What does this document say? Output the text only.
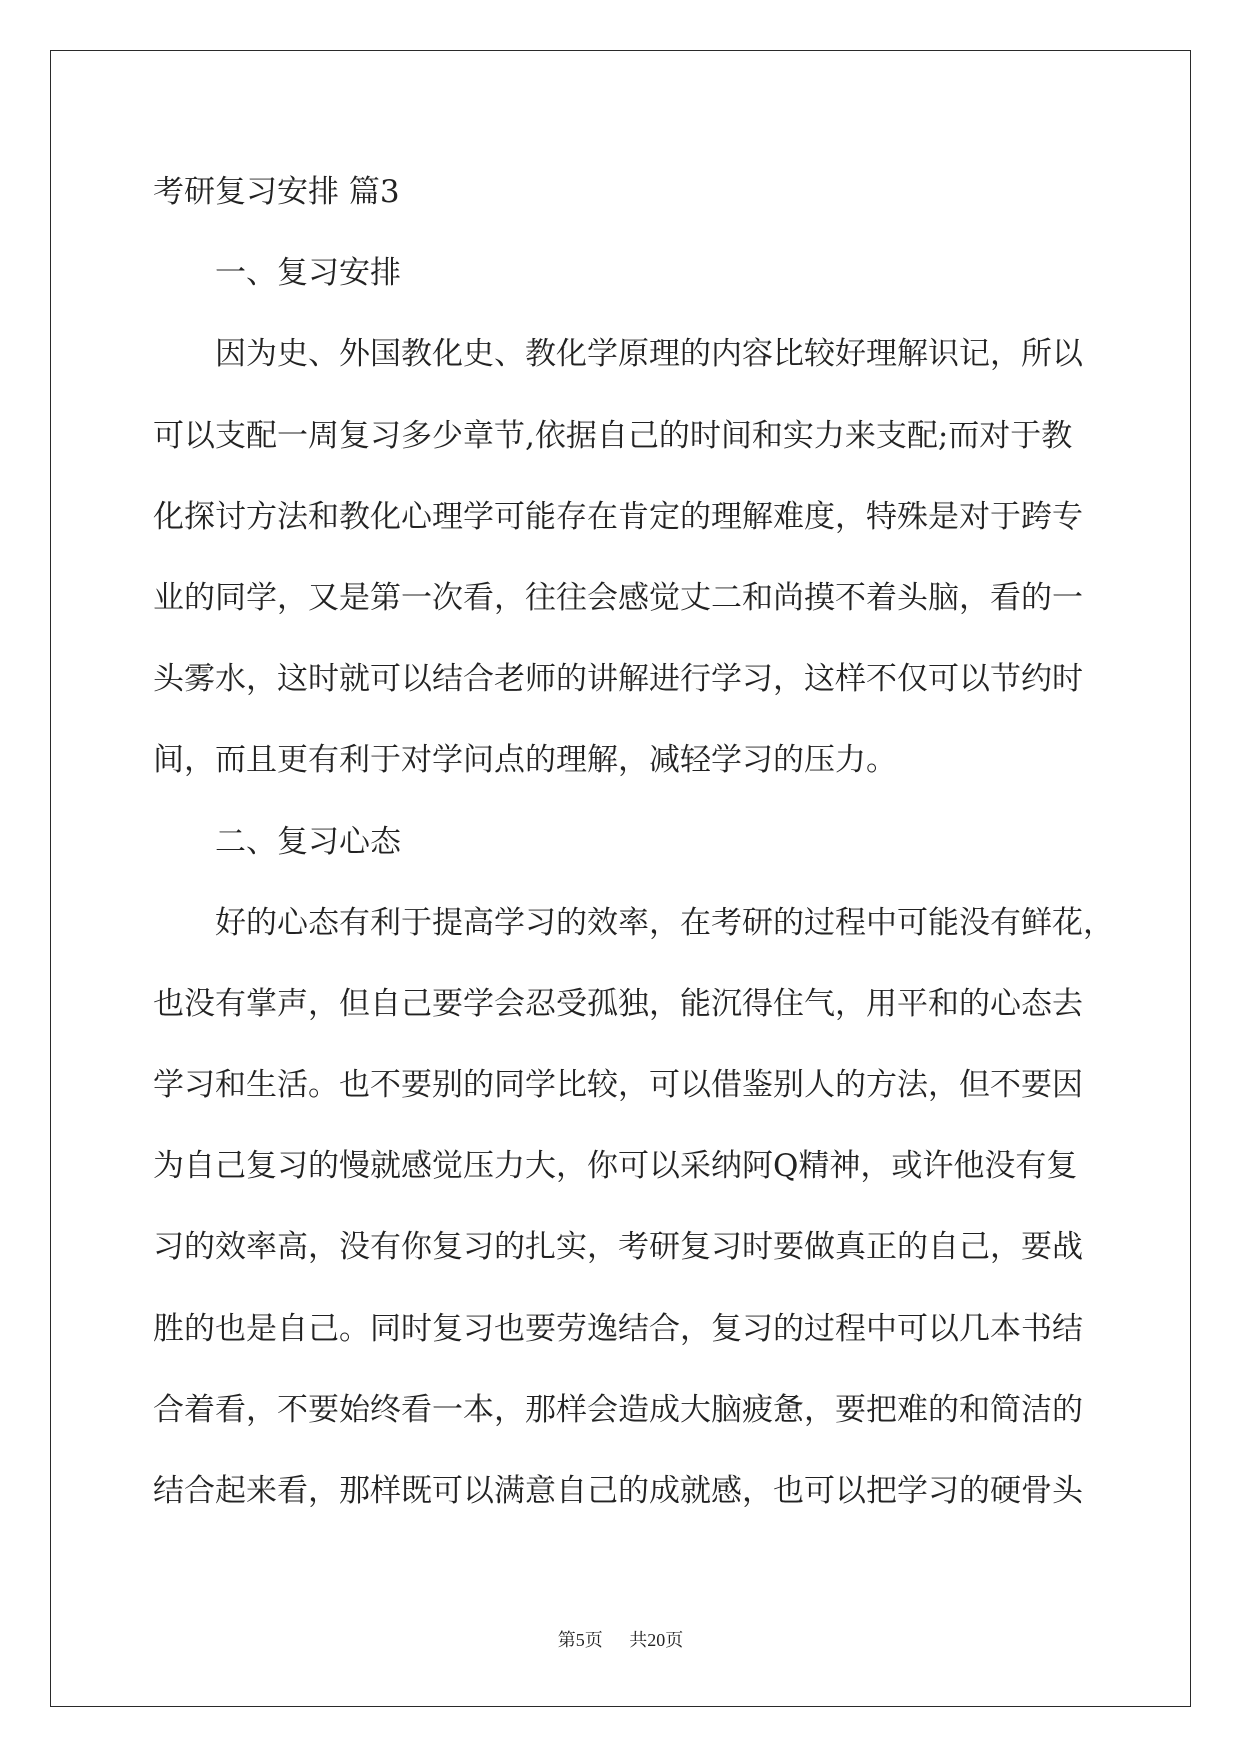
考研复习安排 篇3
一、复习安排
因为史、外国教化史、教化学原理的内容比较好理解识记，所以
可以支配一周复习多少章节,依据自己的时间和实力来支配;而对于教
化探讨方法和教化心理学可能存在肯定的理解难度，特殊是对于跨专
业的同学，又是第一次看，往往会感觉丈二和尚摸不着头脑，看的一
头雾水，这时就可以结合老师的讲解进行学习，这样不仅可以节约时
间，而且更有利于对学问点的理解，减轻学习的压力。
二、复习心态
好的心态有利于提高学习的效率，在考研的过程中可能没有鲜花，
也没有掌声，但自己要学会忍受孤独，能沉得住气，用平和的心态去
学习和生活。也不要别的同学比较，可以借鉴别人的方法，但不要因
为自己复习的慢就感觉压力大，你可以采纳阿Q精神，或许他没有复
习的效率高，没有你复习的扎实，考研复习时要做真正的自己，要战
胜的也是自己。同时复习也要劳逸结合，复习的过程中可以几本书结
合着看，不要始终看一本，那样会造成大脑疲惫，要把难的和简洁的
结合起来看，那样既可以满意自己的成就感，也可以把学习的硬骨头
第5页 共20页
